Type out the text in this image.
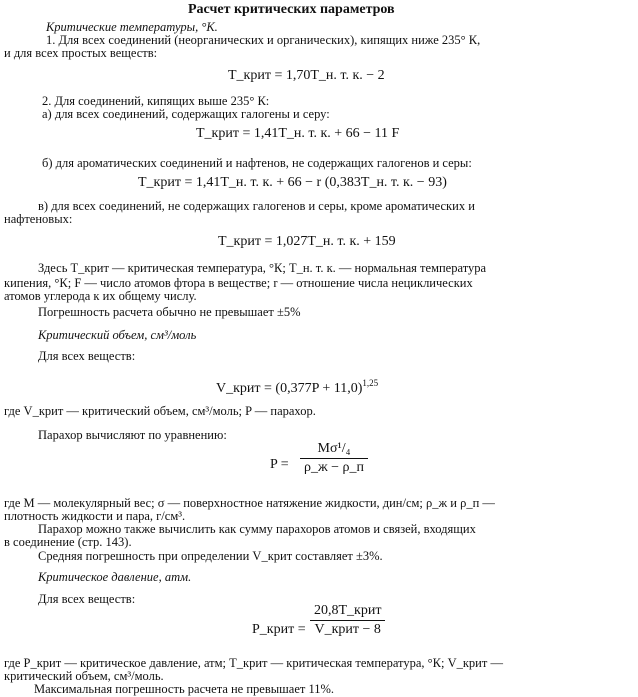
Расчет критических параметров
Критические температуры, °К.
1. Для всех соединений (неорганических и органических), кипящих ниже 235° К,
и для всех простых веществ:
T_крит = 1,70T_н. т. к. − 2
2. Для соединений, кипящих выше 235° К:
а) для всех соединений, содержащих галогены и серу:
T_крит = 1,41T_н. т. к. + 66 − 11 F
б) для ароматических соединений и нафтенов, не содержащих галогенов и серы:
T_крит = 1,41T_н. т. к. + 66 − r (0,383T_н. т. к. − 93)
в) для всех соединений, не содержащих галогенов и серы, кроме ароматических и
нафтеновых:
T_крит = 1,027T_н. т. к. + 159
Здесь T_крит — критическая температура, °К; T_н. т. к. — нормальная температура
кипения, °К; F — число атомов фтора в веществе; r — отношение числа нециклических
атомов углерода к их общему числу.
Погрешность расчета обычно не превышает ±5%
Критический объем, см³/моль
Для всех веществ:
V_крит = $(0,377P + 11,0)^{1,25}$
где V_крит — критический объем, см³/моль; P — парахор.
Парахор вычисляют по уравнению:
P =
Mσ¹/₄
ρ_ж − ρ_п
где M — молекулярный вес; σ — поверхностное натяжение жидкости, дин/см; ρ_ж и ρ_п —
плотность жидкости и пара, г/см³.
Парахор можно также вычислить как сумму парахоров атомов и связей, входящих
в соединение (стр. 143).
Средняя погрешность при определении V_крит составляет ±3%.
Критическое давление, атм.
Для всех веществ:
P_крит =
20,8T_крит
V_крит − 8
где P_крит — критическое давление, атм; T_крит — критическая температура, °К; V_крит —
критический объем, см³/моль.
Максимальная погрешность расчета не превышает 11%.
